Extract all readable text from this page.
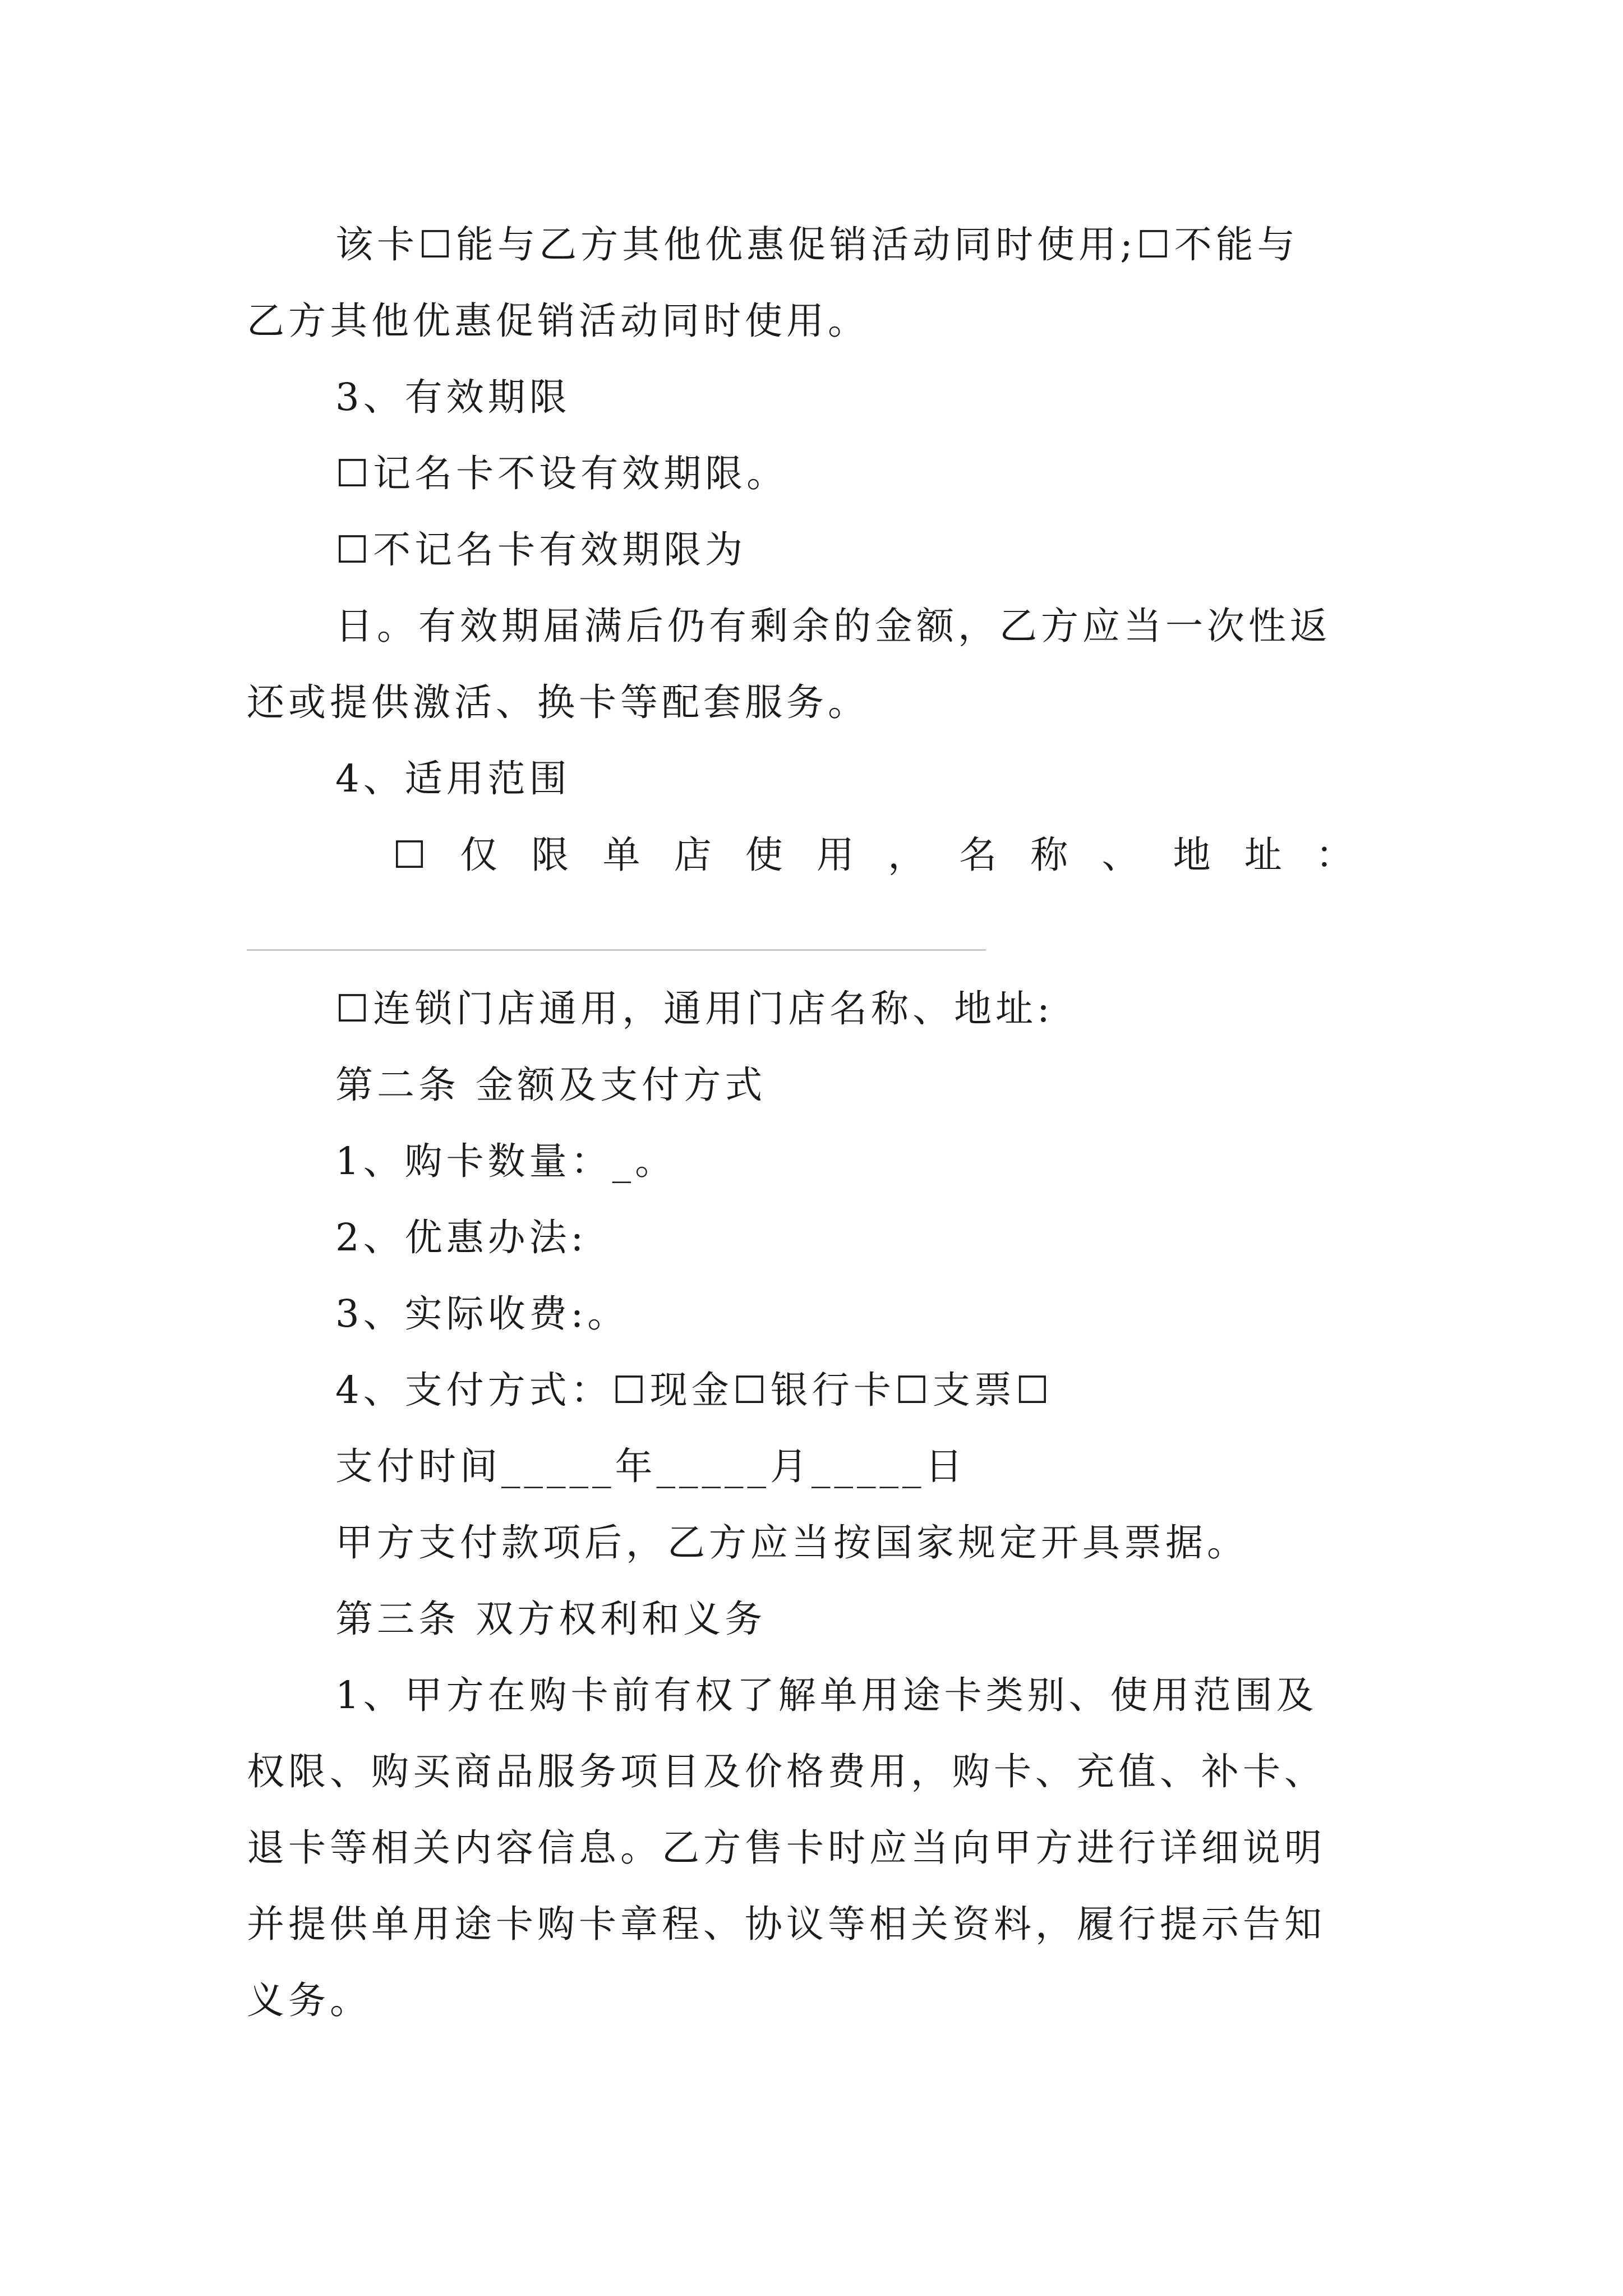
该卡☐能与乙方其他优惠促销活动同时使用;☐不能与
乙方其他优惠促销活动同时使用。
3、有效期限
☐记名卡不设有效期限。
☐不记名卡有效期限为
日。有效期届满后仍有剩余的金额，乙方应当一次性返
还或提供激活、换卡等配套服务。
4、适用范围
☐ 仅 限 单 店 使 用 ， 名 称 、 地 址 ：
☐连锁门店通用，通用门店名称、地址:
第二条 金额及支付方式
1、购卡数量：_。
2、优惠办法:
3、实际收费:。
4、支付方式：☐现金☐银行卡☐支票☐
支付时间_____年_____月_____日
甲方支付款项后，乙方应当按国家规定开具票据。
第三条 双方权利和义务
1、甲方在购卡前有权了解单用途卡类别、使用范围及
权限、购买商品服务项目及价格费用，购卡、充值、补卡、
退卡等相关内容信息。乙方售卡时应当向甲方进行详细说明
并提供单用途卡购卡章程、协议等相关资料，履行提示告知
义务。
